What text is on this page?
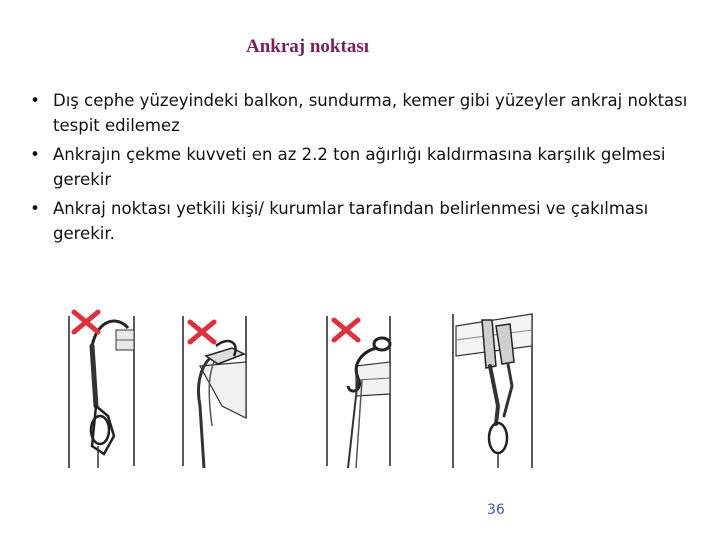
Ankraj noktası
• Dış cephe yüzeyindeki balkon, sundurma, kemer gibi yüzeyler ankraj noktası tespit edilemez
• Ankrajın çekme kuvveti en az 2.2 ton ağırlığı kaldırmasına karşılık gelmesi gerekir
• Ankraj noktası yetkili kişi/ kurumlar tarafından belirlenmesi ve çakılması gerekir.
36
